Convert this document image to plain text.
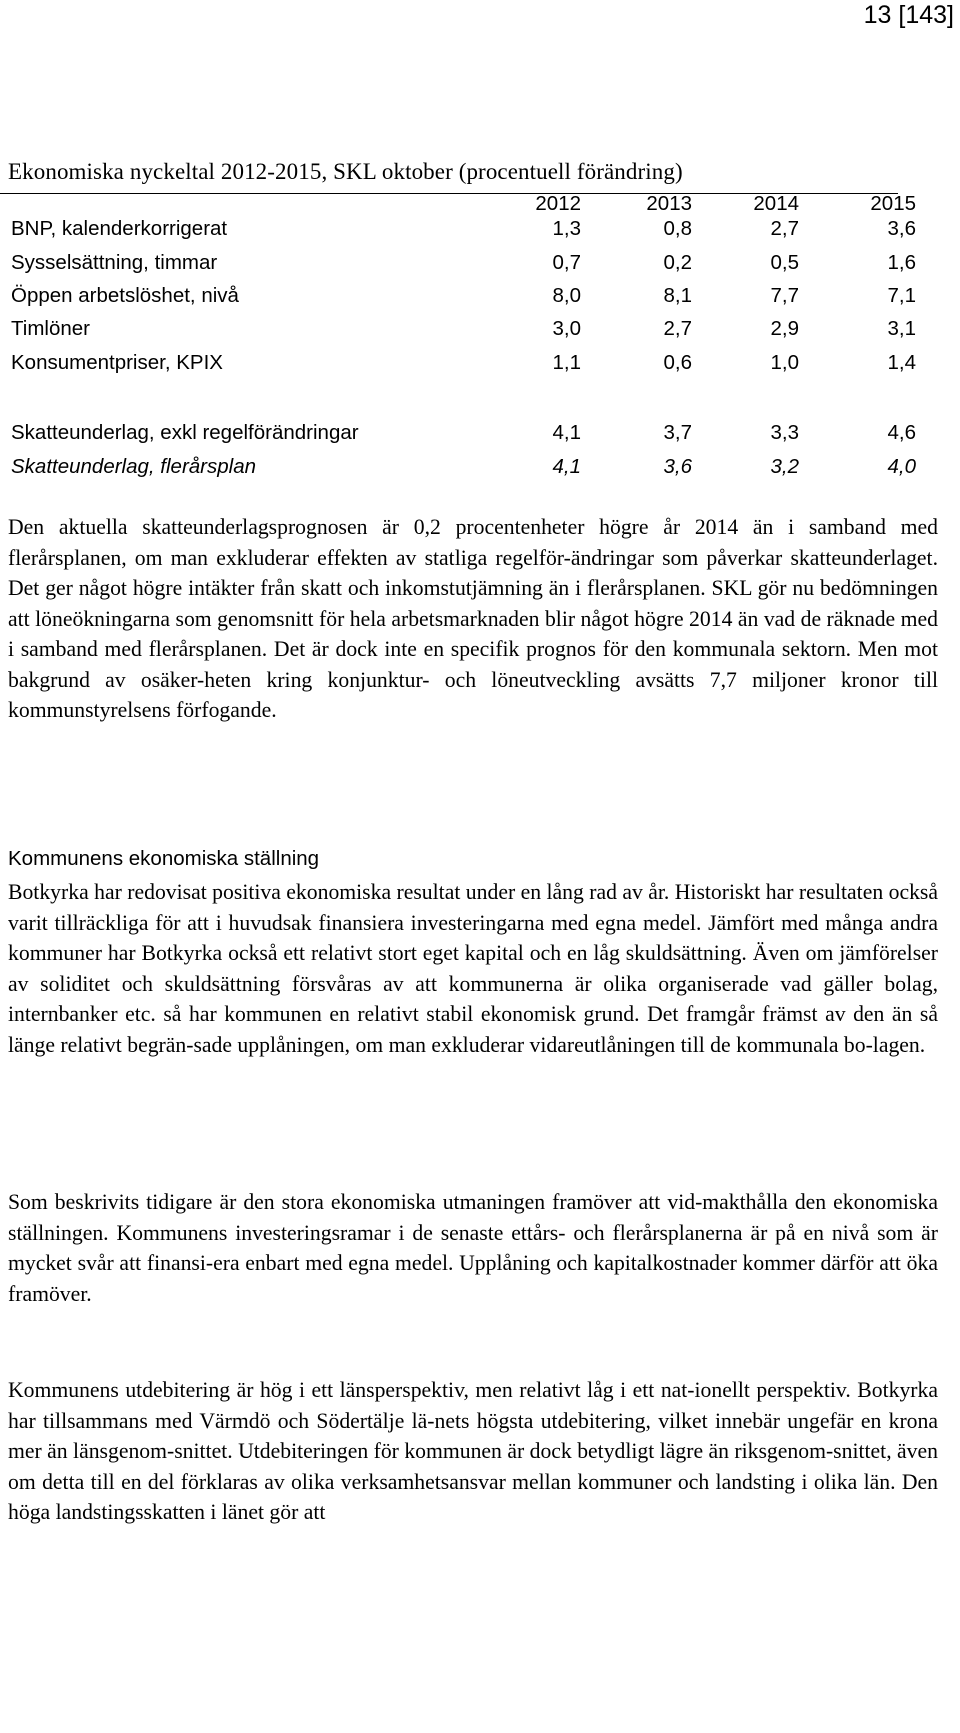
13 [143]
Ekonomiska nyckeltal 2012-2015, SKL oktober (procentuell förändring)
2012	2013	2014	2015
BNP, kalenderkorrigerat	1,3	0,8	2,7	3,6
Sysselsättning, timmar	0,7	0,2	0,5	1,6
Öppen arbetslöshet, nivå	8,0	8,1	7,7	7,1
Timlöner	3,0	2,7	2,9	3,1
Konsumentpriser, KPIX	1,1	0,6	1,0	1,4
Skatteunderlag, exkl regelförändringar	4,1	3,7	3,3	4,6
Skatteunderlag, flerårsplan	4,1	3,6	3,2	4,0

Den aktuella skatteunderlagsprognosen är 0,2 procentenheter högre år 2014 än i samband med flerårsplanen, om man exkluderar effekten av statliga regelför-ändringar som påverkar skatteunderlaget. Det ger något högre intäkter från skatt och inkomstutjämning än i flerårsplanen. SKL gör nu bedömningen att löneökningarna som genomsnitt för hela arbetsmarknaden blir något högre 2014 än vad de räknade med i samband med flerårsplanen. Det är dock inte en specifik prognos för den kommunala sektorn. Men mot bakgrund av osäker-heten kring konjunktur- och löneutveckling avsätts 7,7 miljoner kronor till kommunstyrelsens förfogande.

Kommunens ekonomiska ställning

Botkyrka har redovisat positiva ekonomiska resultat under en lång rad av år. Historiskt har resultaten också varit tillräckliga för att i huvudsak finansiera investeringarna med egna medel. Jämfört med många andra kommuner har Botkyrka också ett relativt stort eget kapital och en låg skuldsättning. Även om jämförelser av soliditet och skuldsättning försvåras av att kommunerna är olika organiserade vad gäller bolag, internbanker etc. så har kommunen en relativt stabil ekonomisk grund. Det framgår främst av den än så länge relativt begrän-sade upplåningen, om man exkluderar vidareutlåningen till de kommunala bo-lagen.

Som beskrivits tidigare är den stora ekonomiska utmaningen framöver att vid-makthålla den ekonomiska ställningen. Kommunens investeringsramar i de senaste ettårs- och flerårsplanerna är på en nivå som är mycket svår att finansi-era enbart med egna medel. Upplåning och kapitalkostnader kommer därför att öka framöver.

Kommunens utdebitering är hög i ett länsperspektiv, men relativt låg i ett nat-ionellt perspektiv. Botkyrka har tillsammans med Värmdö och Södertälje lä-nets högsta utdebitering, vilket innebär ungefär en krona mer än länsgenom-snittet. Utdebiteringen för kommunen är dock betydligt lägre än riksgenom-snittet, även om detta till en del förklaras av olika verksamhetsansvar mellan kommuner och landsting i olika län. Den höga landstingsskatten i länet gör att
